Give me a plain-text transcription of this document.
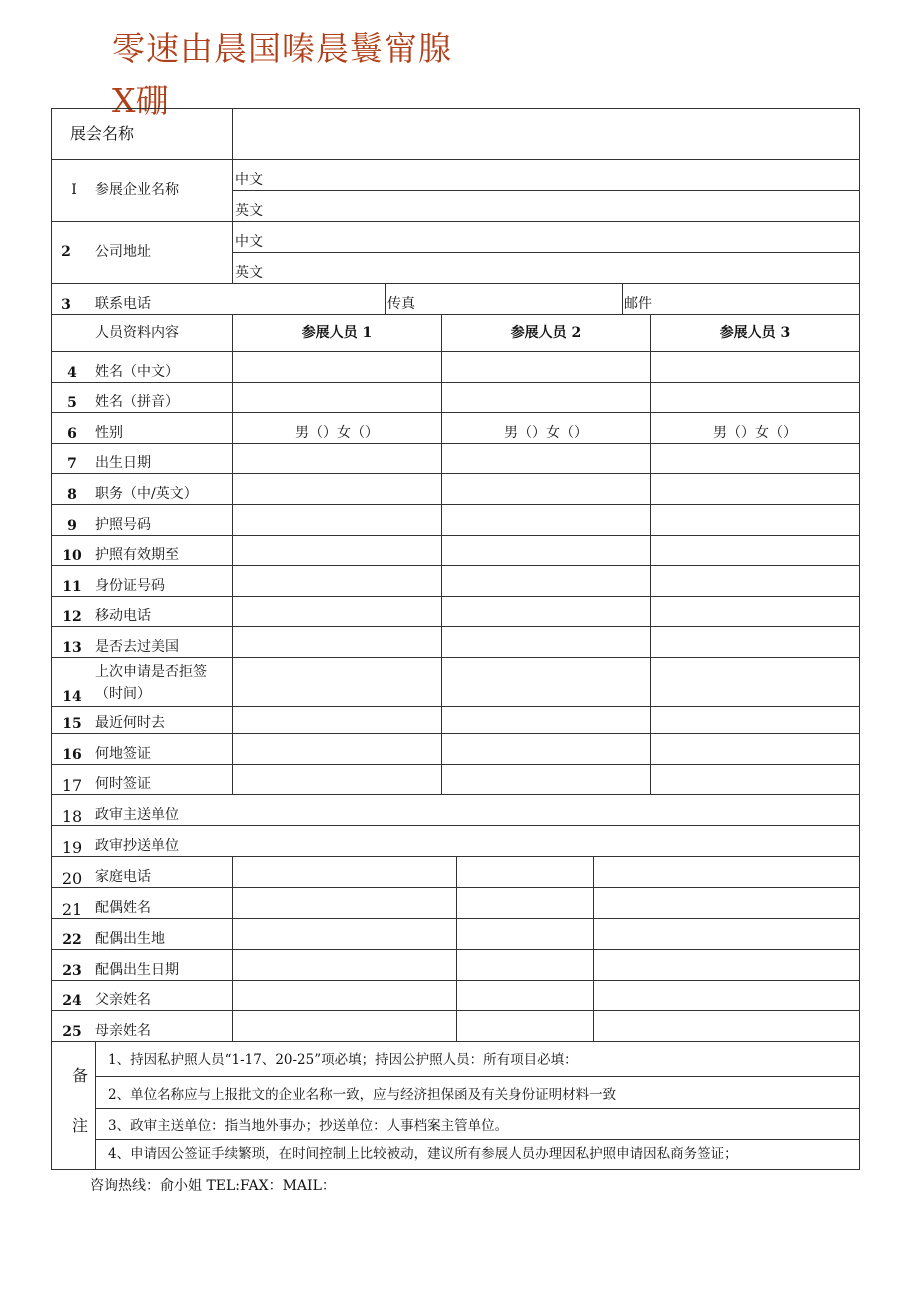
零速由晨国嗪晨鬟甯腺
X硼
展会名称
I	参展企业名称
中文
英文
2	公司地址
中文
英文
3	联系电话	传真	邮件
人员资料内容	参展人员 1	参展人员 2	参展人员 3
4	姓名（中文）
5	姓名（拼音）
6	性别	男（）女（）	男（）女（）	男（）女（）
7	出生日期
8	职务（中/英文）
9	护照号码
10 护照有效期至
11 身份证号码
12 移动电话
13 是否去过美国
14
上次申请是否拒签
（时间）
15 最近何时去
16 何地签证
17 何时签证
18 政审主送单位
19 政审抄送单位
20 家庭电话
21 配偶姓名
22 配偶出生地
23 配偶出生日期
24 父亲姓名
25 母亲姓名
备
注
1、持因私护照人员“1-17、20-25”项必填；持因公护照人员：所有项目必填：
2、单位名称应与上报批文的企业名称一致，应与经济担保函及有关身份证明材料一致
3、政审主送单位：指当地外事办；抄送单位：人事档案主管单位。
4、申请因公签证手续繁琐，在时间控制上比较被动，建议所有参展人员办理因私护照申请因私商务签证；
咨询热线：俞小姐 TEL:FAX：MAIL：
